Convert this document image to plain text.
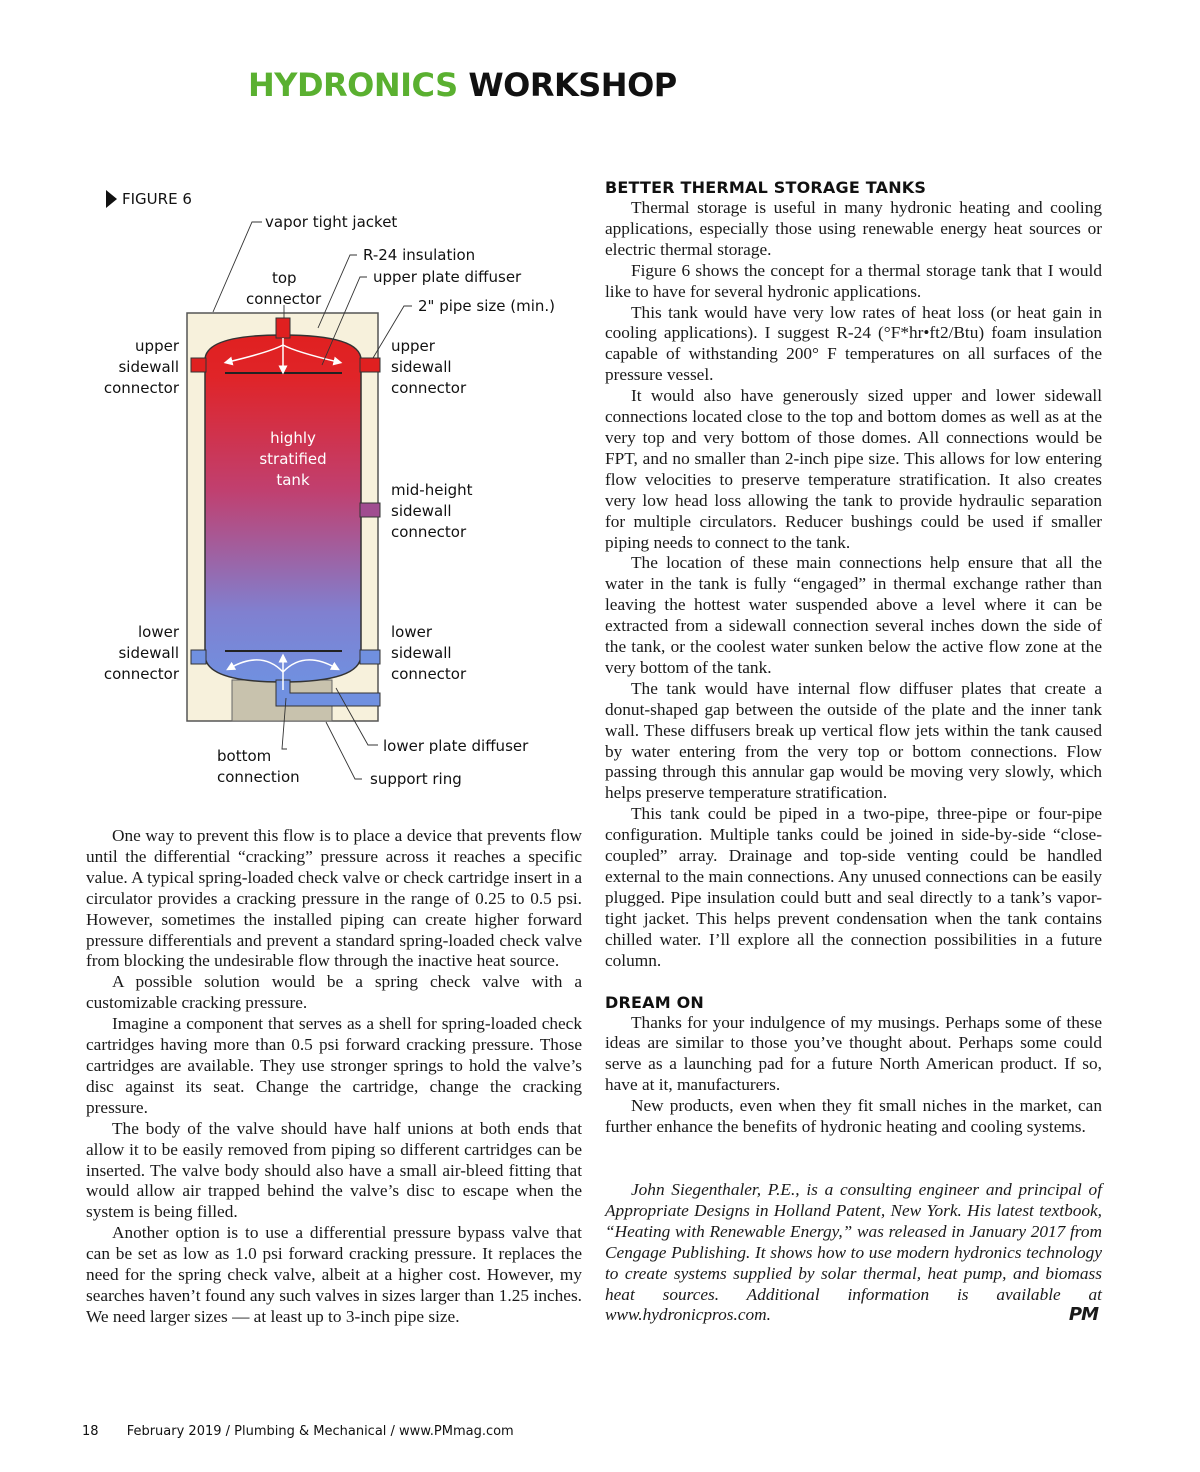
HYDRONICS WORKSHOP
FIGURE 6
vapor tight jacket
R-24 insulation
top
connector
upper plate diffuser
2" pipe size (min.)
upper
sidewall
connector
upper
sidewall
connector
highly
stratified
tank
mid-height
sidewall
connector
lower
sidewall
connector
lower
sidewall
connector
lower plate diffuser
bottom
connection	support ring

One way to prevent this flow is to place a device that prevents flow until the differential “cracking” pressure across it reaches a specific value. A typical spring-loaded check valve or check cartridge insert in a circulator provides a cracking pressure in the range of 0.25 to 0.5 psi. However, sometimes the installed piping can create higher forward pressure differentials and prevent a standard spring-loaded check valve from blocking the undesirable flow through the inactive heat source.

A possible solution would be a spring check valve with a customizable cracking pressure.

Imagine a component that serves as a shell for spring-loaded check cartridges having more than 0.5 psi forward cracking pressure. Those cartridges are available. They use stronger springs to hold the valve’s disc against its seat. Change the cartridge, change the cracking pressure.

The body of the valve should have half unions at both ends that allow it to be easily removed from piping so different cartridges can be inserted. The valve body should also have a small air-bleed fitting that would allow air trapped behind the valve’s disc to escape when the system is being filled.

Another option is to use a differential pressure bypass valve that can be set as low as 1.0 psi forward cracking pressure. It replaces the need for the spring check valve, albeit at a higher cost. However, my searches haven’t found any such valves in sizes larger than 1.25 inches. We need larger sizes — at least up to 3-inch pipe size.

BETTER THERMAL STORAGE TANKS

Thermal storage is useful in many hydronic heating and cooling applications, especially those using renewable energy heat sources or electric thermal storage.

Figure 6 shows the concept for a thermal storage tank that I would like to have for several hydronic applications.

This tank would have very low rates of heat loss (or heat gain in cooling applications). I suggest R-24 (°F*hr•ft2/Btu) foam insulation capable of withstanding 200° F temperatures on all surfaces of the pressure vessel.

It would also have generously sized upper and lower sidewall connections located close to the top and bottom domes as well as at the very top and very bottom of those domes. All connections would be FPT, and no smaller than 2-inch pipe size. This allows for low entering flow velocities to preserve temperature stratification. It also creates very low head loss allowing the tank to provide hydraulic separation for multiple circulators. Reducer bushings could be used if smaller piping needs to connect to the tank.

The location of these main connections help ensure that all the water in the tank is fully “engaged” in thermal exchange rather than leaving the hottest water suspended above a level where it can be extracted from a sidewall connection several inches down the side of the tank, or the coolest water sunken below the active flow zone at the very bottom of the tank.

The tank would have internal flow diffuser plates that create a donut-shaped gap between the outside of the plate and the inner tank wall. These diffusers break up vertical flow jets within the tank caused by water entering from the very top or bottom connections. Flow passing through this annular gap would be moving very slowly, which helps preserve temperature stratification.

This tank could be piped in a two-pipe, three-pipe or four-pipe configuration. Multiple tanks could be joined in side-by-side “close-coupled” array. Drainage and top-side venting could be handled external to the main connections. Any unused connections can be easily plugged. Pipe insulation could butt and seal directly to a tank’s vapor-tight jacket. This helps prevent condensation when the tank contains chilled water. I’ll explore all the connection possibilities in a future column.

DREAM ON

Thanks for your indulgence of my musings. Perhaps some of these ideas are similar to those you’ve thought about. Perhaps some could serve as a launching pad for a future North American product. If so, have at it, manufacturers.

New products, even when they fit small niches in the market, can further enhance the benefits of hydronic heating and cooling systems.

John Siegenthaler, P.E., is a consulting engineer and principal of Appropriate Designs in Holland Patent, New York. His latest textbook, “Heating with Renewable Energy,” was released in January 2017 from Cengage Publishing. It shows how to use modern hydronics technology to create systems supplied by solar thermal, heat pump, and biomass heat sources. Additional information is available at www.hydronicpros.com.	PM

18 February 2019 / Plumbing & Mechanical / www.PMmag.com
